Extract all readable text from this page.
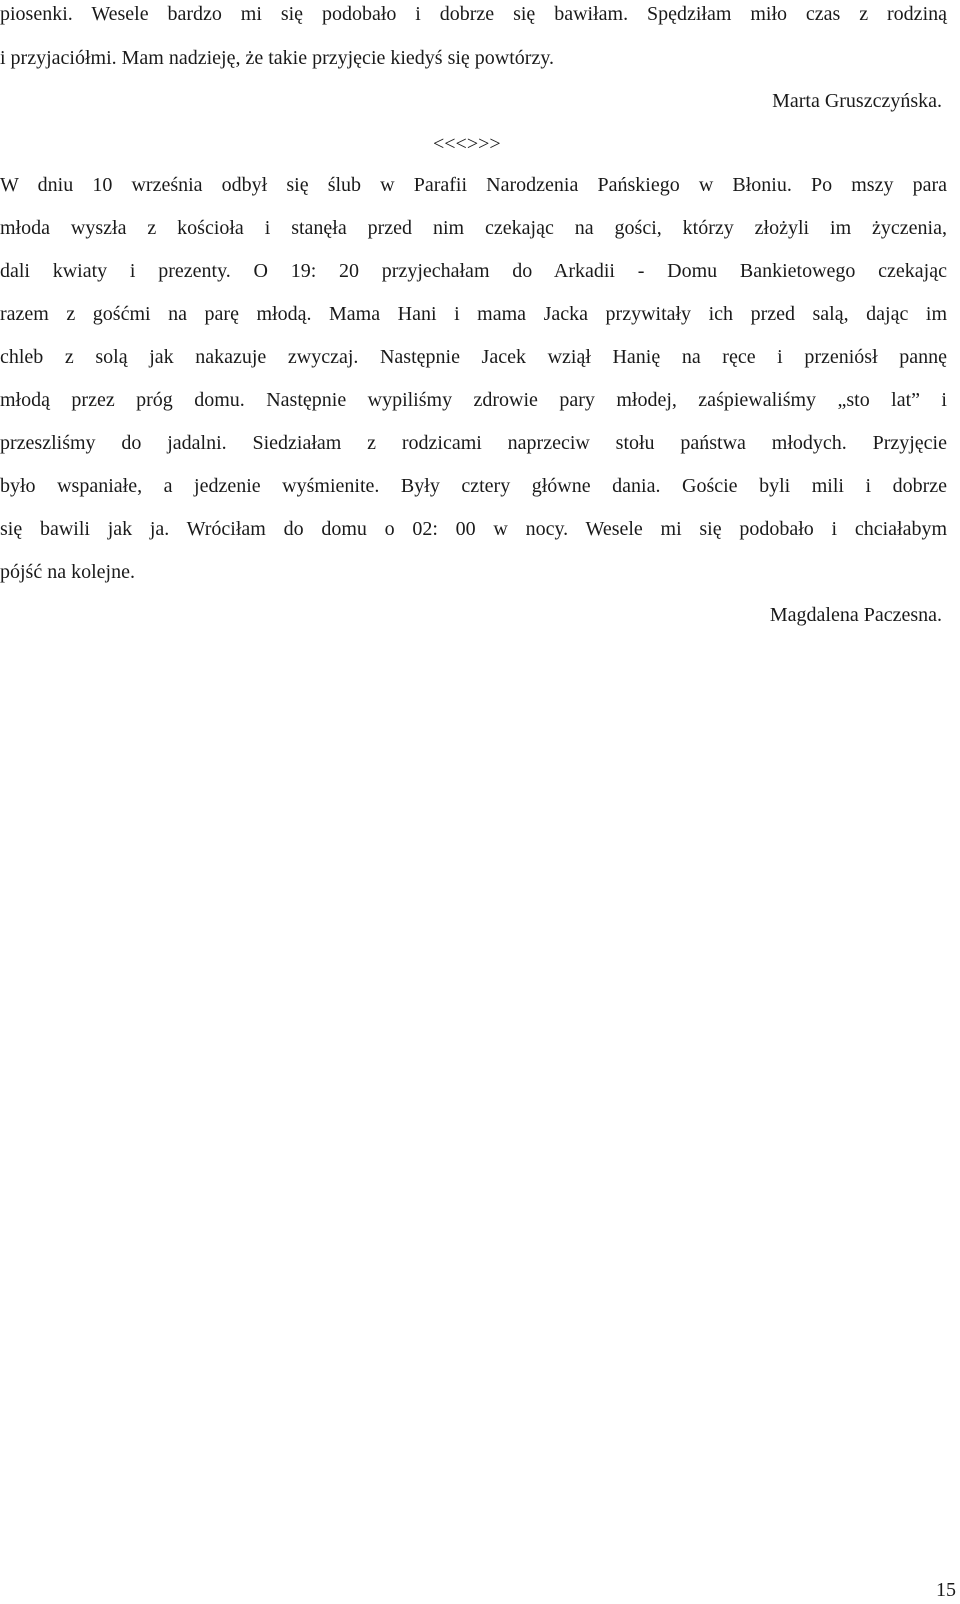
piosenki. Wesele bardzo mi się podobało i dobrze się bawiłam. Spędziłam miło czas z rodziną
i przyjaciółmi. Mam nadzieję, że takie przyjęcie kiedyś się powtórzy.
Marta Gruszczyńska.
<<<>>>
W dniu 10 września odbył się ślub w Parafii Narodzenia Pańskiego w Błoniu. Po mszy para
młoda wyszła z kościoła i stanęła przed nim czekając na gości, którzy złożyli im życzenia,
dali kwiaty i prezenty. O 19: 20 przyjechałam do Arkadii - Domu Bankietowego czekając
razem z gośćmi na parę młodą. Mama Hani i mama Jacka przywitały ich przed salą, dając im
chleb z solą jak nakazuje zwyczaj. Następnie Jacek wziął Hanię na ręce i przeniósł pannę
młodą przez próg domu. Następnie wypiliśmy zdrowie pary młodej, zaśpiewaliśmy „sto lat” i
przeszliśmy do jadalni. Siedziałam z rodzicami naprzeciw stołu państwa młodych. Przyjęcie
było wspaniałe, a jedzenie wyśmienite. Były cztery główne dania. Goście byli mili i dobrze
się bawili jak ja. Wróciłam do domu o 02: 00 w nocy. Wesele mi się podobało i chciałabym
pójść na kolejne.
Magdalena Paczesna.
15
